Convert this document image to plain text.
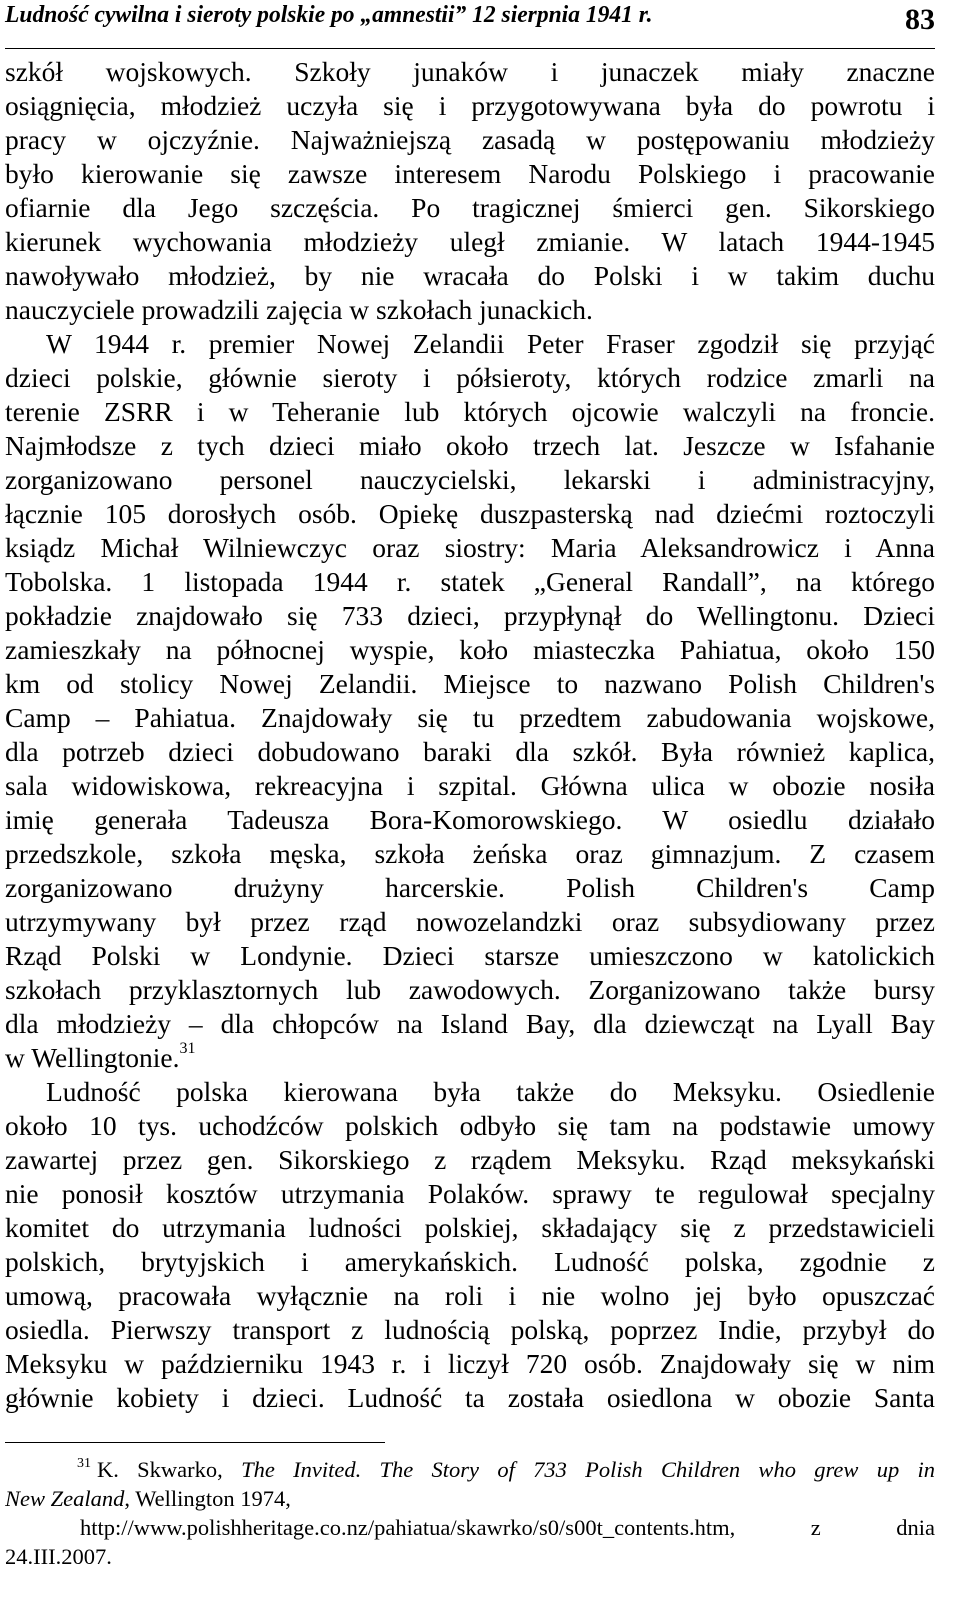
Ludność cywilna i sieroty polskie po „amnestii” 12 sierpnia 1941 r.	83
szkół wojskowych. Szkoły junaków i junaczek miały znaczne
osiągnięcia, młodzież uczyła się i przygotowywana była do powrotu i
pracy w ojczyźnie. Najważniejszą zasadą w postępowaniu młodzieży
było kierowanie się zawsze interesem Narodu Polskiego i pracowanie
ofiarnie dla Jego szczęścia. Po tragicznej śmierci gen. Sikorskiego
kierunek wychowania młodzieży uległ zmianie. W latach 1944-1945
nawoływało młodzież, by nie wracała do Polski i w takim duchu
nauczyciele prowadzili zajęcia w szkołach junackich.
W 1944 r. premier Nowej Zelandii Peter Fraser zgodził się przyjąć
dzieci polskie, głównie sieroty i półsieroty, których rodzice zmarli na
terenie ZSRR i w Teheranie lub których ojcowie walczyli na froncie.
Najmłodsze z tych dzieci miało około trzech lat. Jeszcze w Isfahanie
zorganizowano personel nauczycielski, lekarski i administracyjny,
łącznie 105 dorosłych osób. Opiekę duszpasterską nad dziećmi roztoczyli
ksiądz Michał Wilniewczyc oraz siostry: Maria Aleksandrowicz i Anna
Tobolska. 1 listopada 1944 r. statek „General Randall”, na którego
pokładzie znajdowało się 733 dzieci, przypłynął do Wellingtonu. Dzieci
zamieszkały na północnej wyspie, koło miasteczka Pahiatua, około 150
km od stolicy Nowej Zelandii. Miejsce to nazwano Polish Children's
Camp – Pahiatua. Znajdowały się tu przedtem zabudowania wojskowe,
dla potrzeb dzieci dobudowano baraki dla szkół. Była również kaplica,
sala widowiskowa, rekreacyjna i szpital. Główna ulica w obozie nosiła
imię generała Tadeusza Bora-Komorowskiego. W osiedlu działało
przedszkole, szkoła męska, szkoła żeńska oraz gimnazjum. Z czasem
zorganizowano drużyny harcerskie. Polish Children's Camp
utrzymywany był przez rząd nowozelandzki oraz subsydiowany przez
Rząd Polski w Londynie. Dzieci starsze umieszczono w katolickich
szkołach przyklasztornych lub zawodowych. Zorganizowano także bursy
dla młodzieży – dla chłopców na Island Bay, dla dziewcząt na Lyall Bay
w Wellingtonie.$^{31}$
Ludność polska kierowana była także do Meksyku. Osiedlenie
około 10 tys. uchodźców polskich odbyło się tam na podstawie umowy
zawartej przez gen. Sikorskiego z rządem Meksyku. Rząd meksykański
nie ponosił kosztów utrzymania Polaków. sprawy te regulował specjalny
komitet do utrzymania ludności polskiej, składający się z przedstawicieli
polskich, brytyjskich i amerykańskich. Ludność polska, zgodnie z
umową, pracowała wyłącznie na roli i nie wolno jej było opuszczać
osiedla. Pierwszy transport z ludnością polską, poprzez Indie, przybył do
Meksyku w październiku 1943 r. i liczył 720 osób. Znajdowały się w nim
głównie kobiety i dzieci. Ludność ta została osiedlona w obozie Santa
$^{31}$ K. Skwarko, The Invited. The Story of 733 Polish Children who grew up in
New Zealand, Wellington 1974,
http://www.polishheritage.co.nz/pahiatua/skawrko/s0/s00t_contents.htm, z dnia
24.III.2007.
